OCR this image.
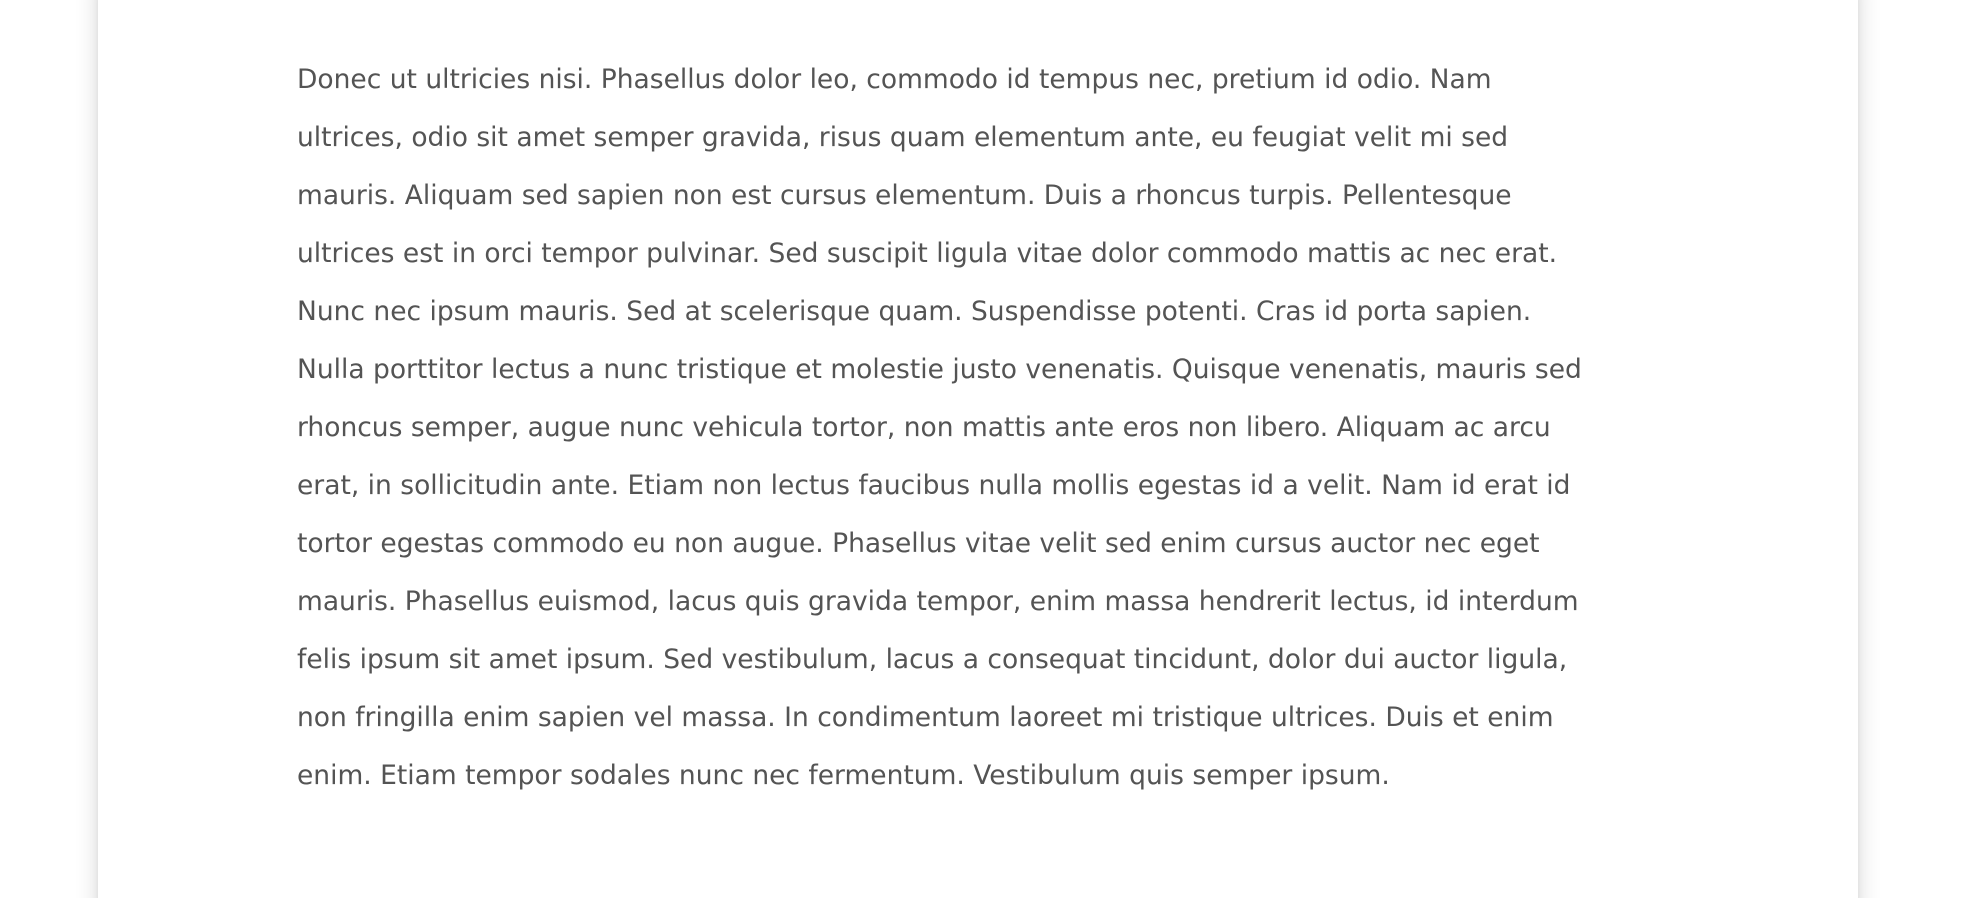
Donec ut ultricies nisi. Phasellus dolor leo, commodo id tempus nec, pretium id odio. Nam
ultrices, odio sit amet semper gravida, risus quam elementum ante, eu feugiat velit mi sed
mauris. Aliquam sed sapien non est cursus elementum. Duis a rhoncus turpis. Pellentesque
ultrices est in orci tempor pulvinar. Sed suscipit ligula vitae dolor commodo mattis ac nec erat.
Nunc nec ipsum mauris. Sed at scelerisque quam. Suspendisse potenti. Cras id porta sapien.
Nulla porttitor lectus a nunc tristique et molestie justo venenatis. Quisque venenatis, mauris sed
rhoncus semper, augue nunc vehicula tortor, non mattis ante eros non libero. Aliquam ac arcu
erat, in sollicitudin ante. Etiam non lectus faucibus nulla mollis egestas id a velit. Nam id erat id
tortor egestas commodo eu non augue. Phasellus vitae velit sed enim cursus auctor nec eget
mauris. Phasellus euismod, lacus quis gravida tempor, enim massa hendrerit lectus, id interdum
felis ipsum sit amet ipsum. Sed vestibulum, lacus a consequat tincidunt, dolor dui auctor ligula,
non fringilla enim sapien vel massa. In condimentum laoreet mi tristique ultrices. Duis et enim
enim. Etiam tempor sodales nunc nec fermentum. Vestibulum quis semper ipsum.
